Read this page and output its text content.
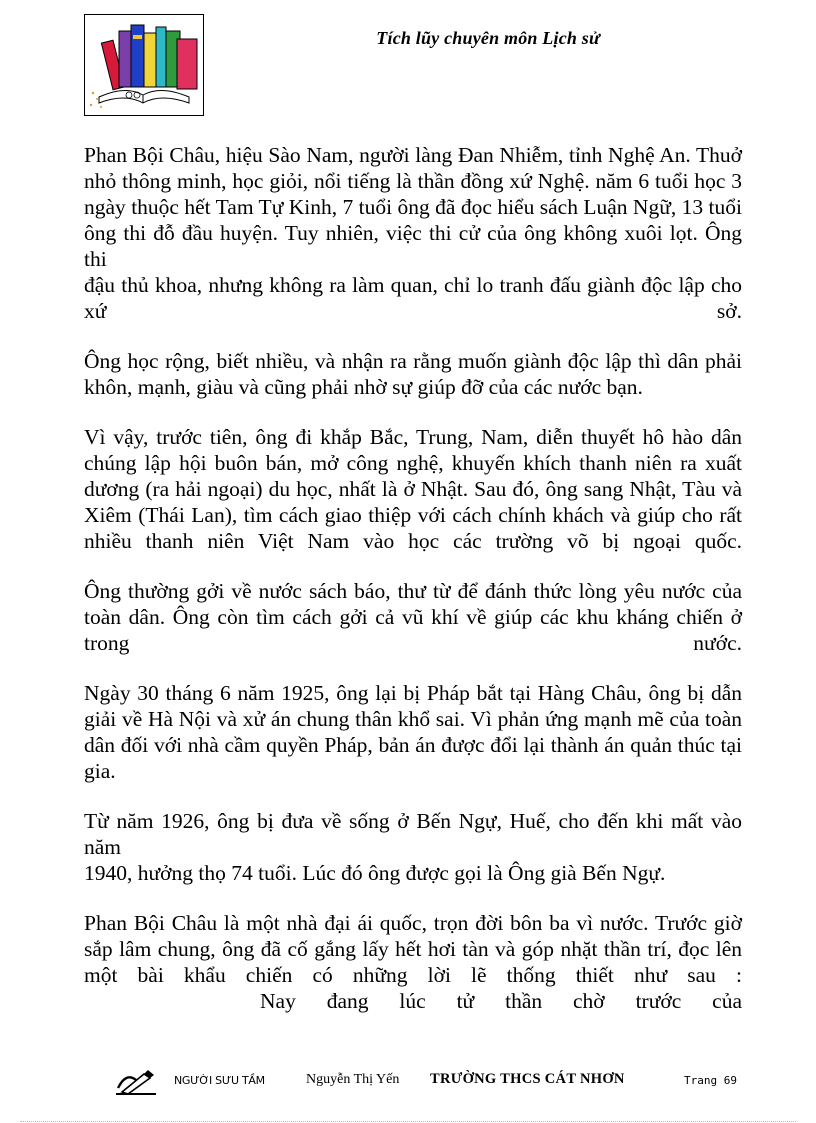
Tích lũy chuyên môn Lịch sử

Phan Bội Châu, hiệu Sào Nam, người làng Đan Nhiễm, tỉnh Nghệ An. Thuở
nhỏ thông minh, học giỏi, nổi tiếng là thần đồng xứ Nghệ. năm 6 tuổi học 3
ngày thuộc hết Tam Tự Kinh, 7 tuổi ông đã đọc hiểu sách Luận Ngữ, 13 tuổi
ông thi đỗ đầu huyện. Tuy nhiên, việc thi cử của ông không xuôi lọt. Ông thi
đậu thủ khoa, nhưng không ra làm quan, chỉ lo tranh đấu giành độc lập cho
xứ sở.

Ông học rộng, biết nhiều, và nhận ra rằng muốn giành độc lập thì dân phải
khôn, mạnh, giàu và cũng phải nhờ sự giúp đỡ của các nước bạn.

Vì vậy, trước tiên, ông đi khắp Bắc, Trung, Nam, diễn thuyết hô hào dân
chúng lập hội buôn bán, mở công nghệ, khuyến khích thanh niên ra xuất
dương (ra hải ngoại) du học, nhất là ở Nhật. Sau đó, ông sang Nhật, Tàu và
Xiêm (Thái Lan), tìm cách giao thiệp với cách chính khách và giúp cho rất
nhiều thanh niên Việt Nam vào học các trường võ bị ngoại quốc.

Ông thường gởi về nước sách báo, thư từ để đánh thức lòng yêu nước của
toàn dân. Ông còn tìm cách gởi cả vũ khí về giúp các khu kháng chiến ở
trong nước.

Ngày 30 tháng 6 năm 1925, ông lại bị Pháp bắt tại Hàng Châu, ông bị dẫn
giải về Hà Nội và xử án chung thân khổ sai. Vì phản ứng mạnh mẽ của toàn
dân đối với nhà cầm quyền Pháp, bản án được đổi lại thành án quản thúc tại
gia.

Từ năm 1926, ông bị đưa về sống ở Bến Ngự, Huế, cho đến khi mất vào năm
1940, hưởng thọ 74 tuổi. Lúc đó ông được gọi là Ông già Bến Ngự.

Phan Bội Châu là một nhà đại ái quốc, trọn đời bôn ba vì nước. Trước giờ
sắp lâm chung, ông đã cố gắng lấy hết hơi tàn và góp nhặt thần trí, đọc lên
một bài khẩu chiến có những lời lẽ thống thiết như sau :
Nay đang lúc tử thần chờ trước của

NGƯỜI SƯU TẦM	Nguyễn Thị Yến TRƯỜNG THCS CÁT NHƠN	Trang 69
